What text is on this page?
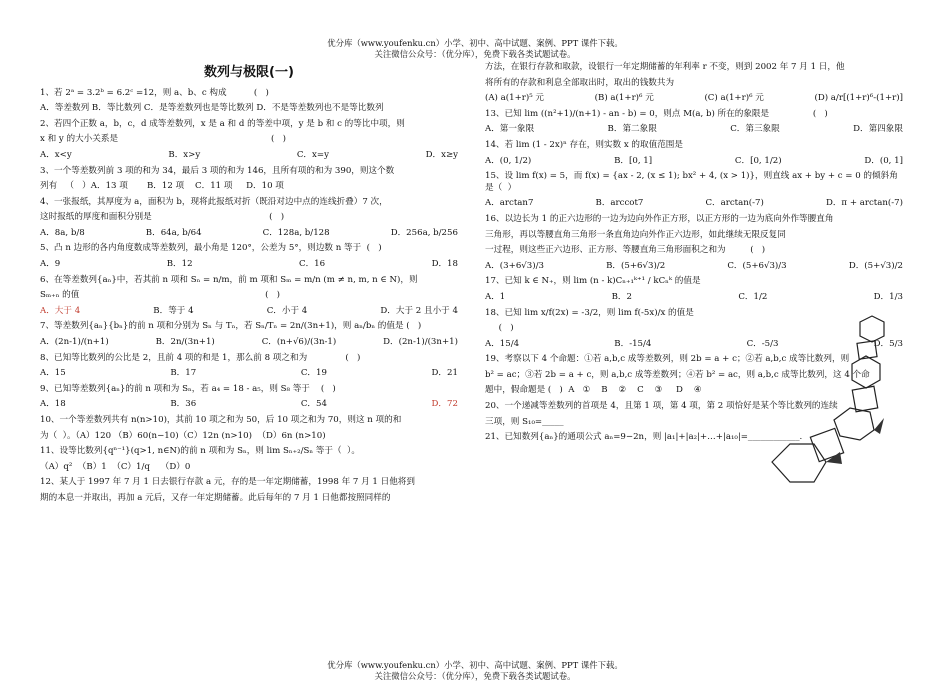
优分库（www.youfenku.cn）小学、初中、高中试题、案例、PPT 课件下载。
关注微信公众号：（优分库），免费下载各类试题试卷。
数列与极限(一)
1、若 2ᵃ = 3.2ᵇ = 6.2ᶜ =12，则 a、b、c 构成          (   )
A．等差数列 B．等比数列 C．是等差数列也是等比数列 D．不是等差数列也不是等比数列
2、若四个正数 a，b，c，d 成等差数列，x 是 a 和 d 的等差中项，y 是 b 和 c 的等比中项，则
x 和 y 的大小关系是                                                        (   )
A．x<y	B．x>y	C．x=y	D．x≥y
3、一个等差数列前 3 项的和为 34，最后 3 项的和为 146，且所有项的和为 390，则这个数
列有   （   ）A．13 项       B．12 项    C．11 项     D．10 项
4、一张报纸，其厚度为 a，面积为 b，现将此报纸对折（既沿对边中点的连线折叠）7 次，
这时报纸的厚度和面积分别是                                           (   )
A．8a, b/8	B．64a, b/64	C．128a, b/128	D．256a, b/256
5、凸 n 边形的各内角度数成等差数列，最小角是 120°，公差为 5°，则边数 n 等于  (   )
A．9	B．12	C．16	D．18
6、在等差数列{aₙ}中，若其前 n 项和 Sₙ = n/m，前 m 项和 Sₘ = m/n (m ≠ n, m, n ∈ N)，则
Sₘ₊ₙ 的值                                                                    (   )
A．大于 4	B．等于 4	C．小于 4	D．大于 2 且小于 4
7、等差数列{aₙ}{bₙ}的前 n 项和分别为 Sₙ 与 Tₙ，若 Sₙ/Tₙ = 2n/(3n+1)，则 aₙ/bₙ 的值是 (   )
A．(2n-1)/(n+1)	B．2n/(3n+1)	C．(n+√6)/(3n-1)	D．(2n-1)/(3n+1)
8、已知等比数列的公比是 2，且前 4 项的和是 1，那么前 8 项之和为              (   )
A．15	B．17	C．19	D．21
9、已知等差数列{aₙ}的前 n 项和为 Sₙ，若 a₄ = 18 - a₅，则 S₈ 等于    (   )
A．18	B．36	C．54	D．72
10、一个等差数列共有 n(n>10)，其前 10 项之和为 50，后 10 项之和为 70，则这 n 项的和
为（  ）。（A）120 （B）60(n−10)（C）12n (n>10)  （D）6n (n>10)
11、设等比数列{qⁿ⁻¹}(q>1, n∈N)的前 n 项和为 Sₙ，则 lim Sₙ₊₂/Sₙ 等于（  ）。
（A）q²  （B）1  （C）1/q    （D）0
12、某人于 1997 年 7 月 1 日去银行存款 a 元，存的是一年定期储蓄，1998 年 7 月 1 日他将到
期的本息一并取出，再加 a 元后，又存一年定期储蓄。此后每年的 7 月 1 日他都按照同样的
方法，在银行存款和取款，设银行一年定期储蓄的年利率 r 不变，则到 2002 年 7 月 1 日，他
将所有的存款和利息全部取出时，取出的钱数共为
(A) a(1+r)⁵ 元	(B) a(1+r)⁶ 元	(C) a(1+r)⁶ 元	(D) a/r[(1+r)⁶-(1+r)]
13、已知 lim ((n²+1)/(n+1) - an - b) = 0，则点 M(a, b) 所在的象限是                (   )
A．第一象限	B．第二象限	C．第三象限	D．第四象限
14、若 lim (1 - 2x)ⁿ 存在，则实数 x 的取值范围是
A．(0, 1/2)	B．[0, 1]	C．[0, 1/2)	D．(0, 1]
15、设 lim f(x) = 5，而 f(x) = {ax - 2, (x ≤ 1); bx² + 4, (x > 1)}，则直线 ax + by + c = 0 的倾斜角是（  ）
A．arctan7	B．arccot7	C．arctan(-7)	D．π + arctan(-7)
16、以边长为 1 的正六边形的一边为边向外作正方形，以正方形的一边为底向外作等腰直角
三角形，再以等腰直角三角形一条直角边向外作正六边形，如此继续无限反复同
一过程，则这些正六边形、正方形、等腰直角三角形面积之和为         (   )
A．(3+6√3)/3	B．(5+6√3)/2	C．(5+6√3)/3	D．(5+√3)/2
17、已知 k ∈ N₊，则 lim (n - k)Cₙ₊₁ᵏ⁺¹ / kCₙᵏ 的值是
A．1	B．2	C．1/2	D．1/3
18、已知 lim x/f(2x) = -3/2，则 lim f(-5x)/x 的值是
(   )
A．15/4	B．-15/4	C．-5/3	D．5/3
19、考察以下 4 个命题：①若 a,b,c 成等差数列，则 2b = a + c；②若 a,b,c 成等比数列，则
b² = ac；③若 2b = a + c，则 a,b,c 成等差数列；④若 b² = ac，则 a,b,c 成等比数列，这 4 个命
题中，假命题是 (   )  A   ①    B    ②    C    ③     D    ④
20、一个递减等差数列的首项是 4，且第 1 项，第 4 项，第 2 项恰好是某个等比数列的连续
三项，则 S₁₀=_____
21、已知数列{aₙ}的通项公式 aₙ=9−2n，则 |a₁|+|a₂|+…+|a₁₀|=____________.
优分库（www.youfenku.cn）小学、初中、高中试题、案例、PPT 课件下载。
关注微信公众号：（优分库），免费下载各类试题试卷。
